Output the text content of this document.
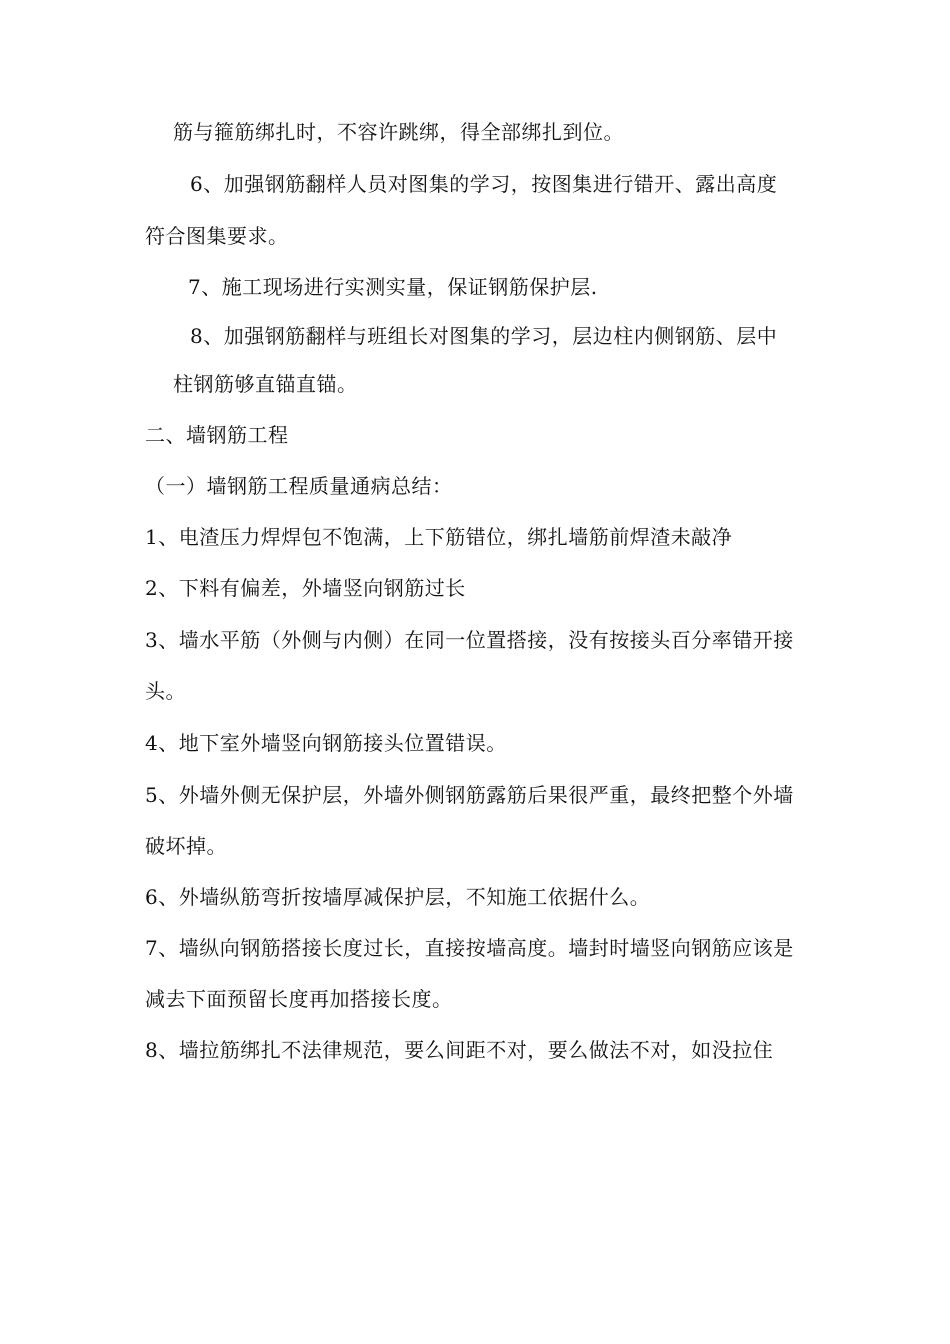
筋与箍筋绑扎时，不容许跳绑，得全部绑扎到位。
6、加强钢筋翻样人员对图集的学习，按图集进行错开、露出高度
符合图集要求。
7、施工现场进行实测实量，保证钢筋保护层.
8、加强钢筋翻样与班组长对图集的学习，层边柱内侧钢筋、层中
柱钢筋够直锚直锚。
二、墙钢筋工程
（一）墙钢筋工程质量通病总结：
1、电渣压力焊焊包不饱满，上下筋错位，绑扎墙筋前焊渣未敲净
2、下料有偏差，外墙竖向钢筋过长
3、墙水平筋（外侧与内侧）在同一位置搭接，没有按接头百分率错开接
头。
4、地下室外墙竖向钢筋接头位置错误。
5、外墙外侧无保护层，外墙外侧钢筋露筋后果很严重，最终把整个外墙
破坏掉。
6、外墙纵筋弯折按墙厚减保护层，不知施工依据什么。
7、墙纵向钢筋搭接长度过长，直接按墙高度。墙封时墙竖向钢筋应该是
减去下面预留长度再加搭接长度。
8、墙拉筋绑扎不法律规范，要么间距不对，要么做法不对，如没拉住
